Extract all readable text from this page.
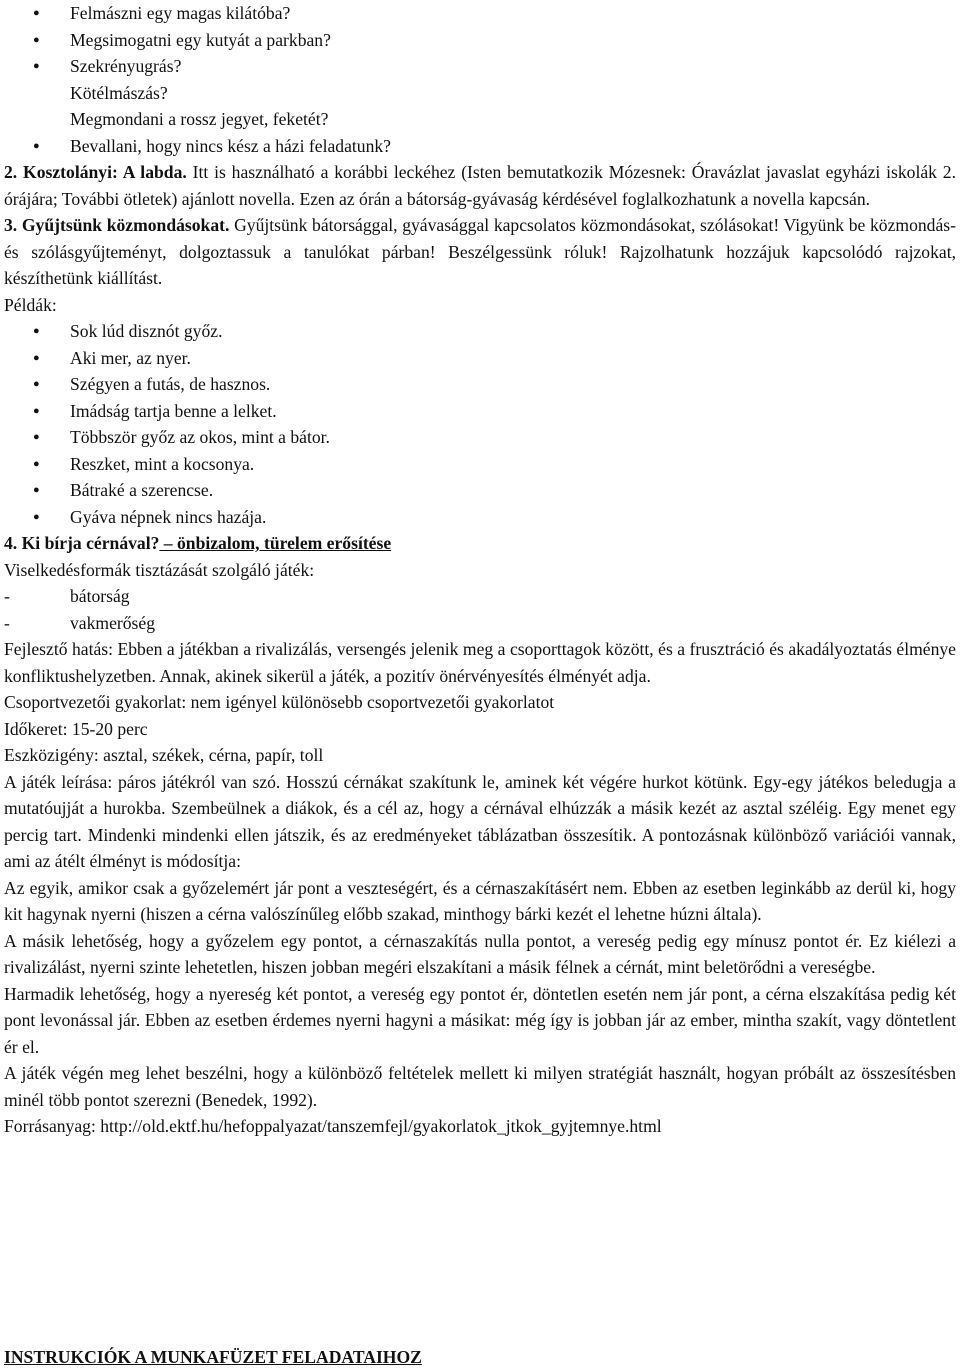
● Felmászni egy magas kilátóba?
● Megsimogatni egy kutyát a parkban?
● Szekrényugrás?
Kötélmászás?
Megmondani a rossz jegyet, feketét?
● Bevallani, hogy nincs kész a házi feladatunk?

2. Kosztolányi: A labda. Itt is használható a korábbi leckéhez (Isten bemutatkozik Mózesnek: Óravázlat javaslat egyházi iskolák 2. órájára; További ötletek) ajánlott novella. Ezen az órán a bátorság-gyávaság kérdésével foglalkozhatunk a novella kapcsán.

3. Gyűjtsünk közmondásokat. Gyűjtsünk bátorsággal, gyávasággal kapcsolatos közmondásokat, szólásokat! Vigyünk be közmondás- és szólásgyűjteményt, dolgoztassuk a tanulókat párban! Beszélgessünk róluk! Rajzolhatunk hozzájuk kapcsolódó rajzokat, készíthetünk kiállítást.

Példák:

● Sok lúd disznót győz.
● Aki mer, az nyer.
● Szégyen a futás, de hasznos.
● Imádság tartja benne a lelket.
● Többször győz az okos, mint a bátor.
● Reszket, mint a kocsonya.
● Bátraké a szerencse.
● Gyáva népnek nincs hazája.

4. Ki bírja cérnával? – önbizalom, türelem erősítése

Viselkedésformák tisztázását szolgáló játék:

-	bátorság

-	vakmerőség

Fejlesztő hatás: Ebben a játékban a rivalizálás, versengés jelenik meg a csoporttagok között, és a frusztráció és akadályoztatás élménye konfliktushelyzetben. Annak, akinek sikerül a játék, a pozitív önérvényesítés élményét adja.

Csoportvezetői gyakorlat: nem igényel különösebb csoportvezetői gyakorlatot

Időkeret: 15-20 perc

Eszközigény: asztal, székek, cérna, papír, toll

A játék leírása: páros játékról van szó. Hosszú cérnákat szakítunk le, aminek két végére hurkot kötünk. Egy-egy játékos beledugja a mutatóujját a hurokba. Szembeülnek a diákok, és a cél az, hogy a cérnával elhúzzák a másik kezét az asztal széléig. Egy menet egy percig tart. Mindenki mindenki ellen játszik, és az eredményeket táblázatban összesítik. A pontozásnak különböző variációi vannak, ami az átélt élményt is módosítja:

Az egyik, amikor csak a győzelemért jár pont a veszteségért, és a cérnaszakításért nem. Ebben az esetben leginkább az derül ki, hogy kit hagynak nyerni (hiszen a cérna valószínűleg előbb szakad, minthogy bárki kezét el lehetne húzni általa).

A másik lehetőség, hogy a győzelem egy pontot, a cérnaszakítás nulla pontot, a vereség pedig egy mínusz pontot ér. Ez kiélezi a rivalizálást, nyerni szinte lehetetlen, hiszen jobban megéri elszakítani a másik félnek a cérnát, mint beletörődni a vereségbe.

Harmadik lehetőség, hogy a nyereség két pontot, a vereség egy pontot ér, döntetlen esetén nem jár pont, a cérna elszakítása pedig két pont levonással jár. Ebben az esetben érdemes nyerni hagyni a másikat: még így is jobban jár az ember, mintha szakít, vagy döntetlent ér el.

A játék végén meg lehet beszélni, hogy a különböző feltételek mellett ki milyen stratégiát használt, hogyan próbált az összesítésben minél több pontot szerezni (Benedek, 1992).

Forrásanyag: http://old.ektf.hu/hefoppalyazat/tanszemfejl/gyakorlatok_jtkok_gyjtemnye.html

INSTRUKCIÓK A MUNKAFÜZET FELADATAIHOZ
